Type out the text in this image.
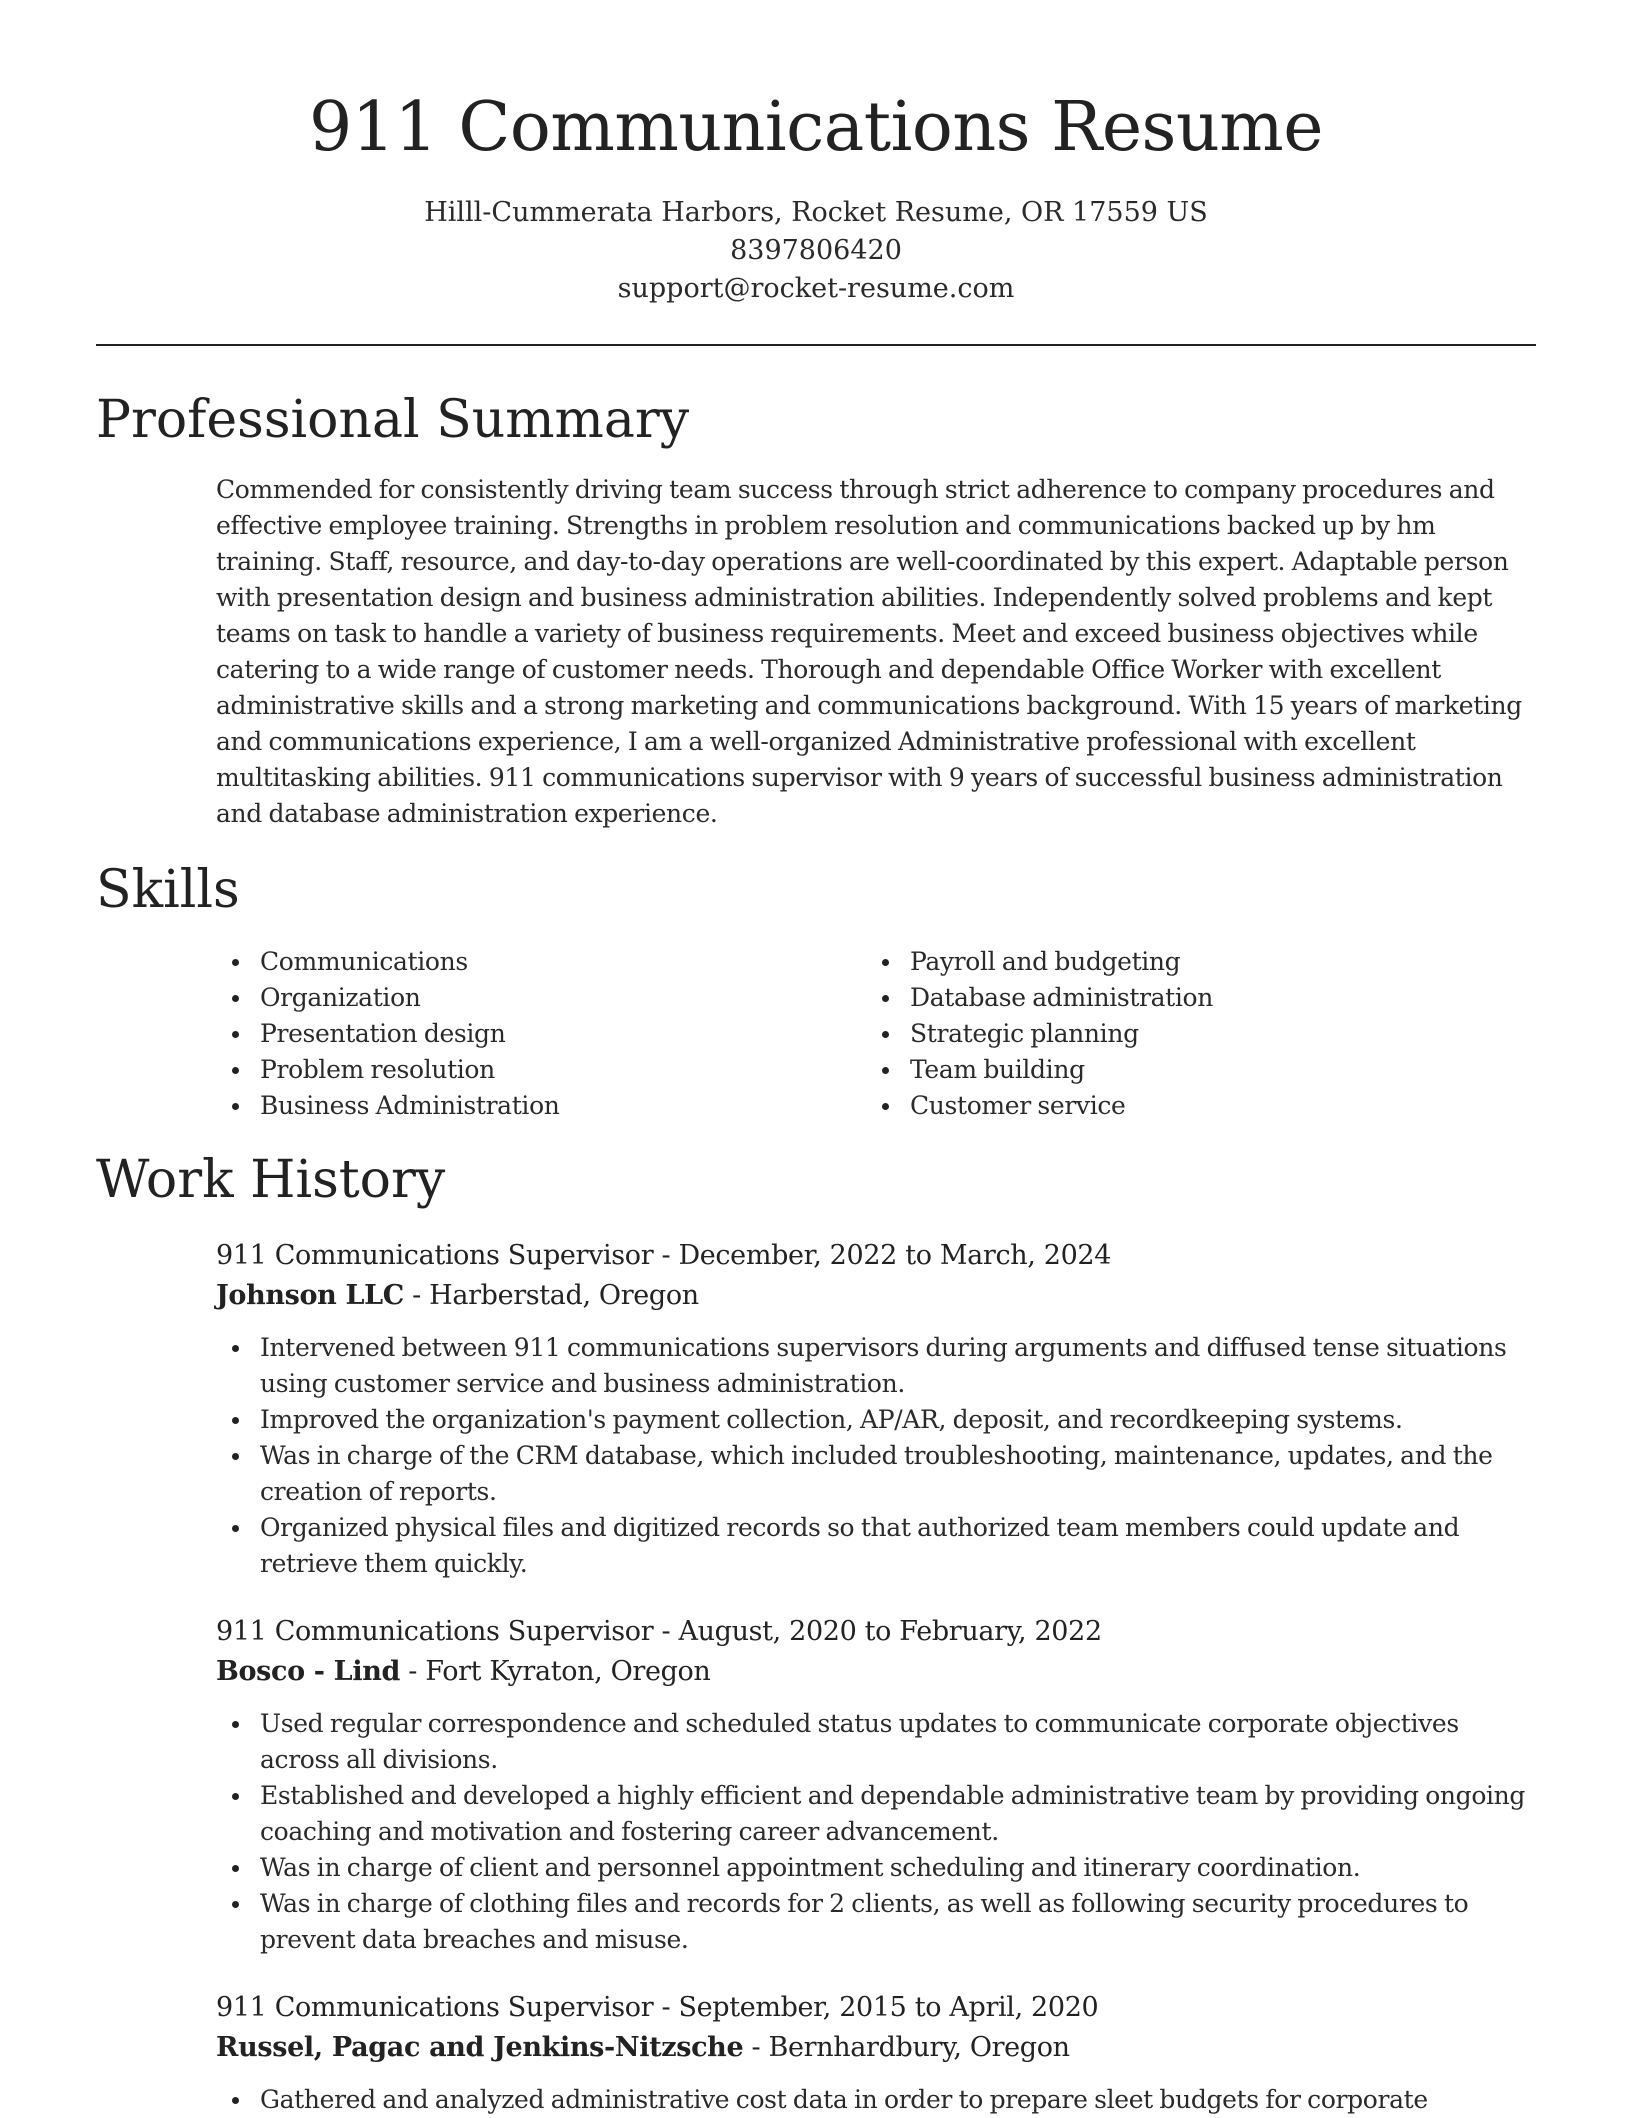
911 Communications Resume
Hilll-Cummerata Harbors, Rocket Resume, OR 17559 US
8397806420
support@rocket-resume.com
Professional Summary

Commended for consistently driving team success through strict adherence to company procedures and effective employee training. Strengths in problem resolution and communications backed up by hm training. Staff, resource, and day-to-day operations are well-coordinated by this expert. Adaptable person with presentation design and business administration abilities. Independently solved problems and kept teams on task to handle a variety of business requirements. Meet and exceed business objectives while catering to a wide range of customer needs. Thorough and dependable Office Worker with excellent administrative skills and a strong marketing and communications background. With 15 years of marketing and communications experience, I am a well-organized Administrative professional with excellent multitasking abilities. 911 communications supervisor with 9 years of successful business administration and database administration experience.

Skills
Communications
Organization
Presentation design
Problem resolution
Business Administration
Payroll and budgeting
Database administration
Strategic planning
Team building
Customer service
Work History
911 Communications Supervisor - December, 2022 to March, 2024
Johnson LLC - Harberstad, Oregon
Intervened between 911 communications supervisors during arguments and diffused tense situations using customer service and business administration.
Improved the organization's payment collection, AP/AR, deposit, and recordkeeping systems.
Was in charge of the CRM database, which included troubleshooting, maintenance, updates, and the creation of reports.
Organized physical files and digitized records so that authorized team members could update and retrieve them quickly.
911 Communications Supervisor - August, 2020 to February, 2022
Bosco - Lind - Fort Kyraton, Oregon
Used regular correspondence and scheduled status updates to communicate corporate objectives across all divisions.
Established and developed a highly efficient and dependable administrative team by providing ongoing coaching and motivation and fostering career advancement.
Was in charge of client and personnel appointment scheduling and itinerary coordination.
Was in charge of clothing files and records for 2 clients, as well as following security procedures to prevent data breaches and misuse.
911 Communications Supervisor - September, 2015 to April, 2020
Russel, Pagac and Jenkins-Nitzsche - Bernhardbury, Oregon
Gathered and analyzed administrative cost data in order to prepare sleet budgets for corporate
